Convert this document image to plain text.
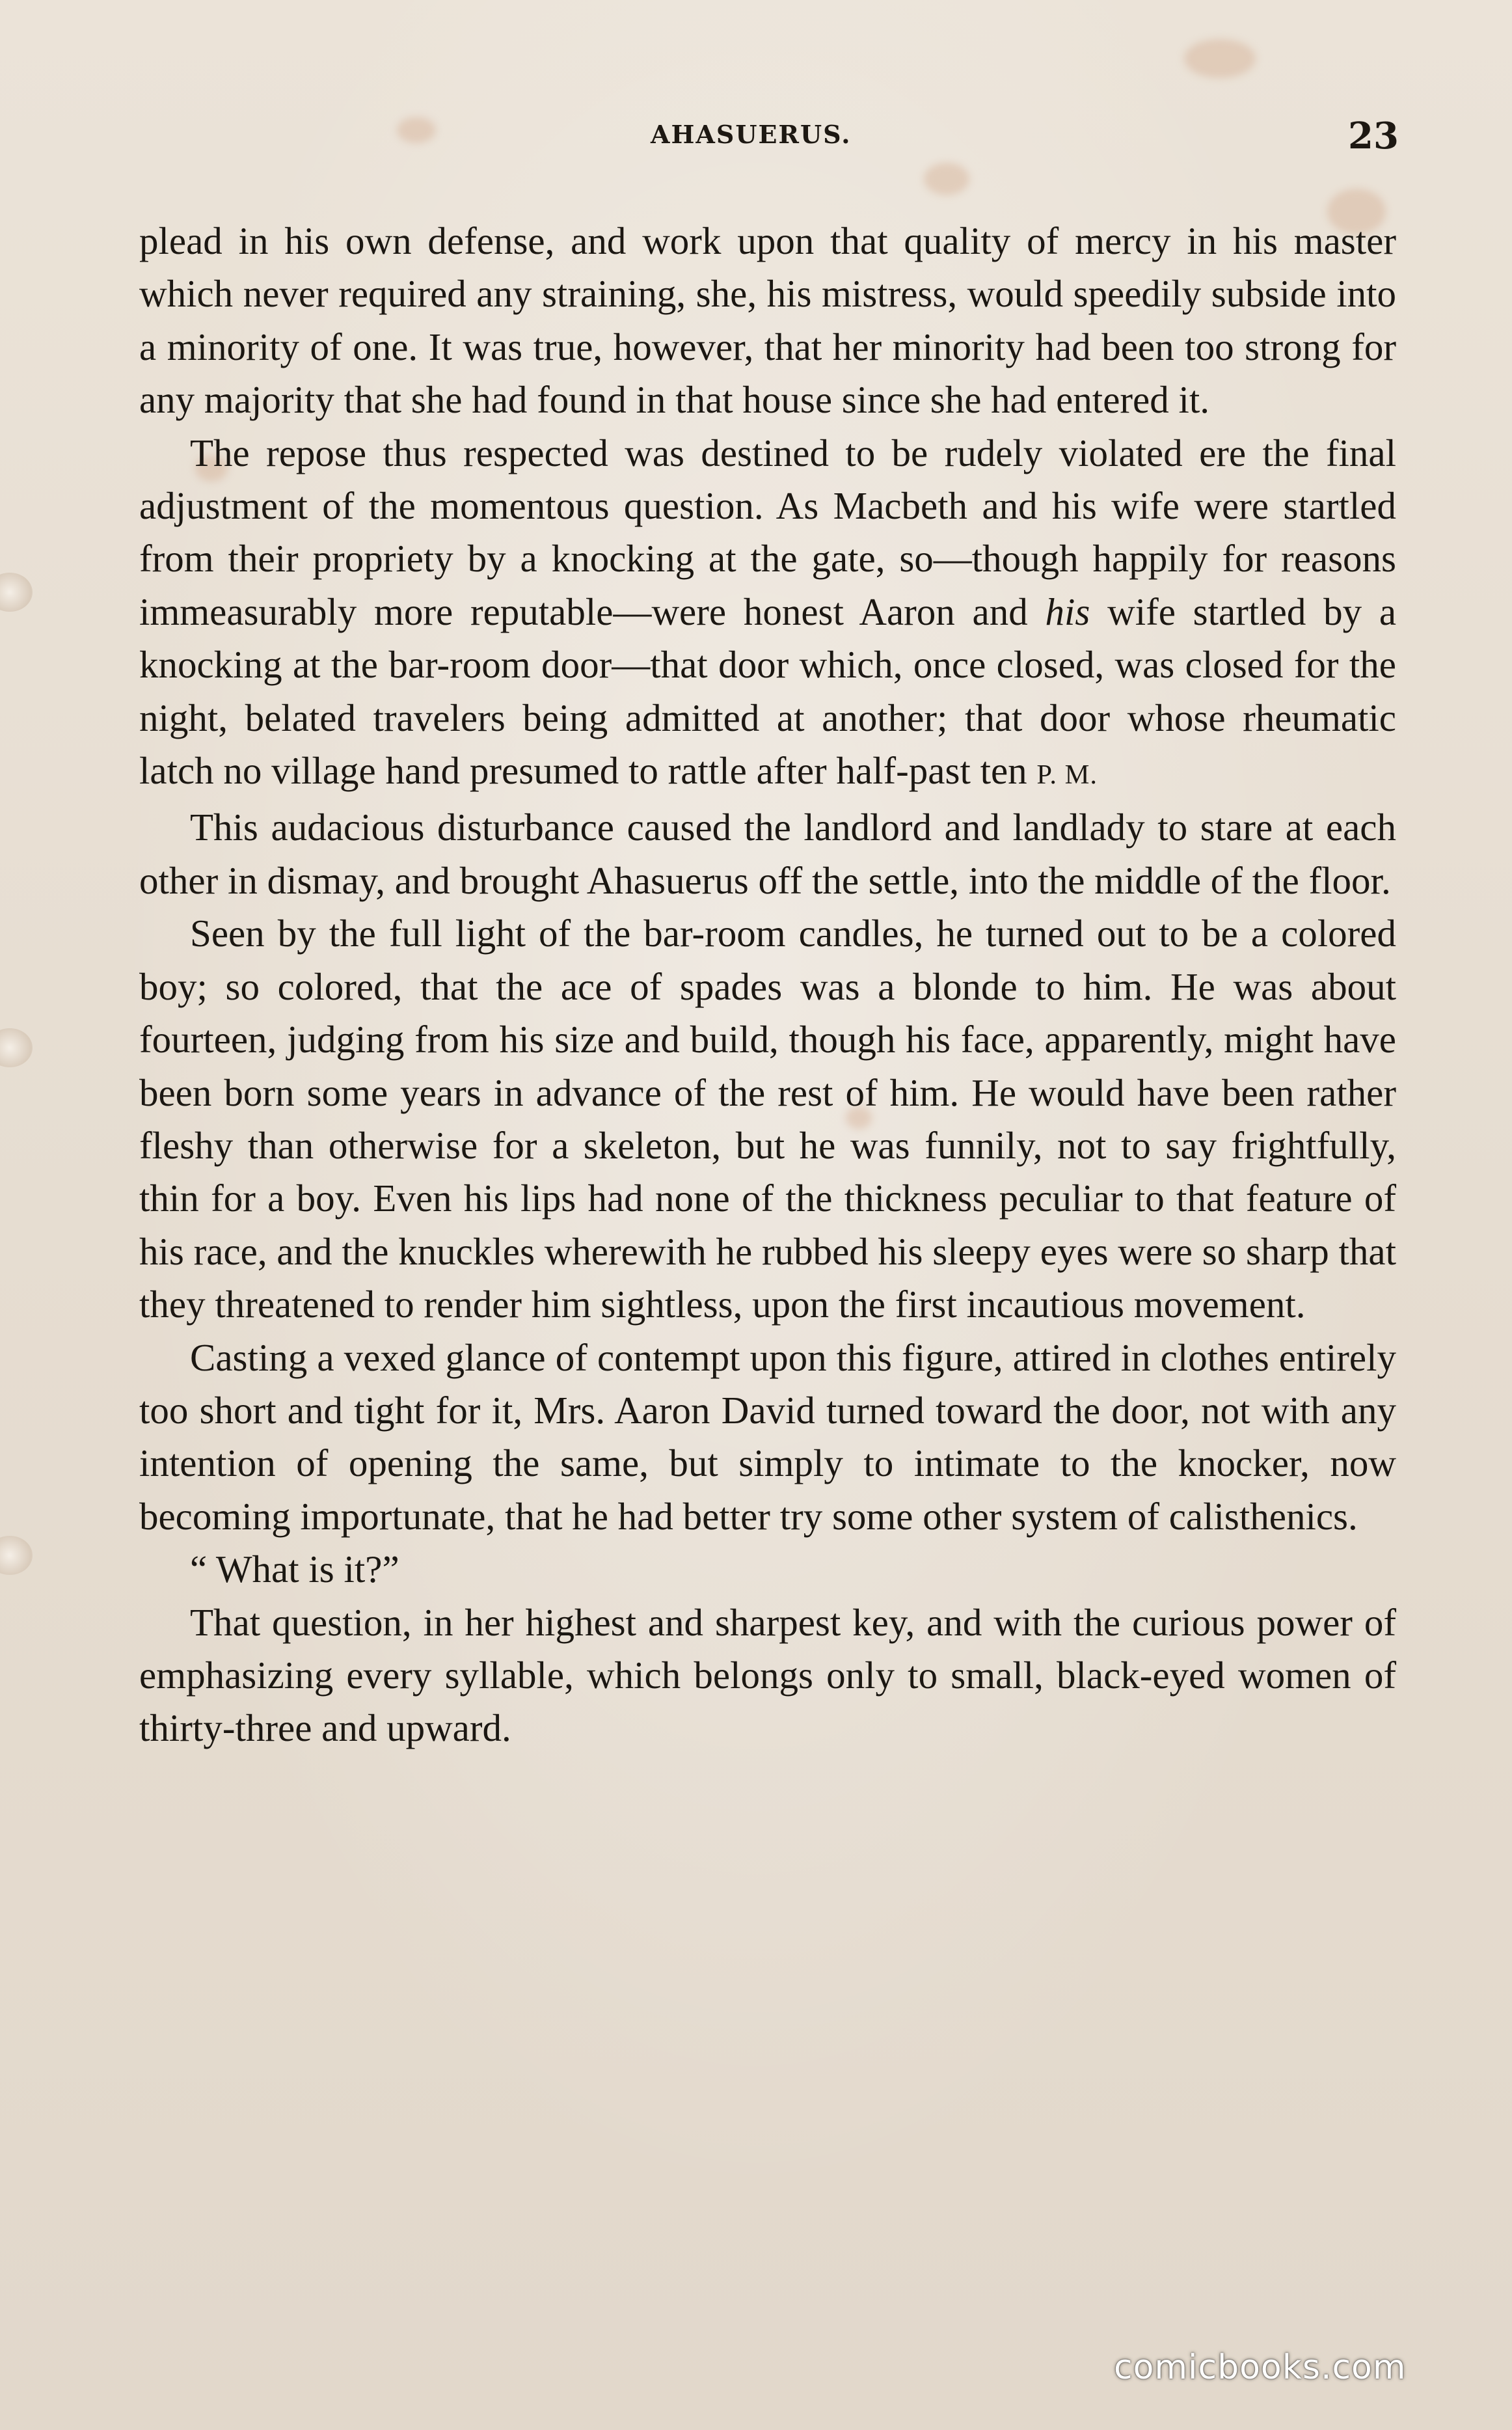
AHASUERUS.	23

plead in his own defense, and work upon that quality of mercy in his master which never required any straining, she, his mistress, would speedily subside into a minority of one. It was true, however, that her minority had been too strong for any majority that she had found in that house since she had entered it.

The repose thus respected was destined to be rudely violated ere the final adjustment of the momentous question. As Macbeth and his wife were startled from their propriety by a knocking at the gate, so—though happily for reasons immeasurably more reputable—were honest Aaron and his wife startled by a knocking at the bar-room door—that door which, once closed, was closed for the night, belated travelers being admitted at another; that door whose rheumatic latch no village hand presumed to rattle after half-past ten P. M.

This audacious disturbance caused the landlord and landlady to stare at each other in dismay, and brought Ahasuerus off the settle, into the middle of the floor.

Seen by the full light of the bar-room candles, he turned out to be a colored boy; so colored, that the ace of spades was a blonde to him. He was about fourteen, judging from his size and build, though his face, apparently, might have been born some years in advance of the rest of him. He would have been rather fleshy than otherwise for a skeleton, but he was funnily, not to say frightfully, thin for a boy. Even his lips had none of the thickness peculiar to that feature of his race, and the knuckles wherewith he rubbed his sleepy eyes were so sharp that they threatened to render him sightless, upon the first incautious movement.

Casting a vexed glance of contempt upon this figure, attired in clothes entirely too short and tight for it, Mrs. Aaron David turned toward the door, not with any intention of opening the same, but simply to intimate to the knocker, now becoming importunate, that he had better try some other system of calisthenics.

“ What is it?”

That question, in her highest and sharpest key, and with the curious power of emphasizing every syllable, which belongs only to small, black-eyed women of thirty-three and upward.

comicbooks.com
